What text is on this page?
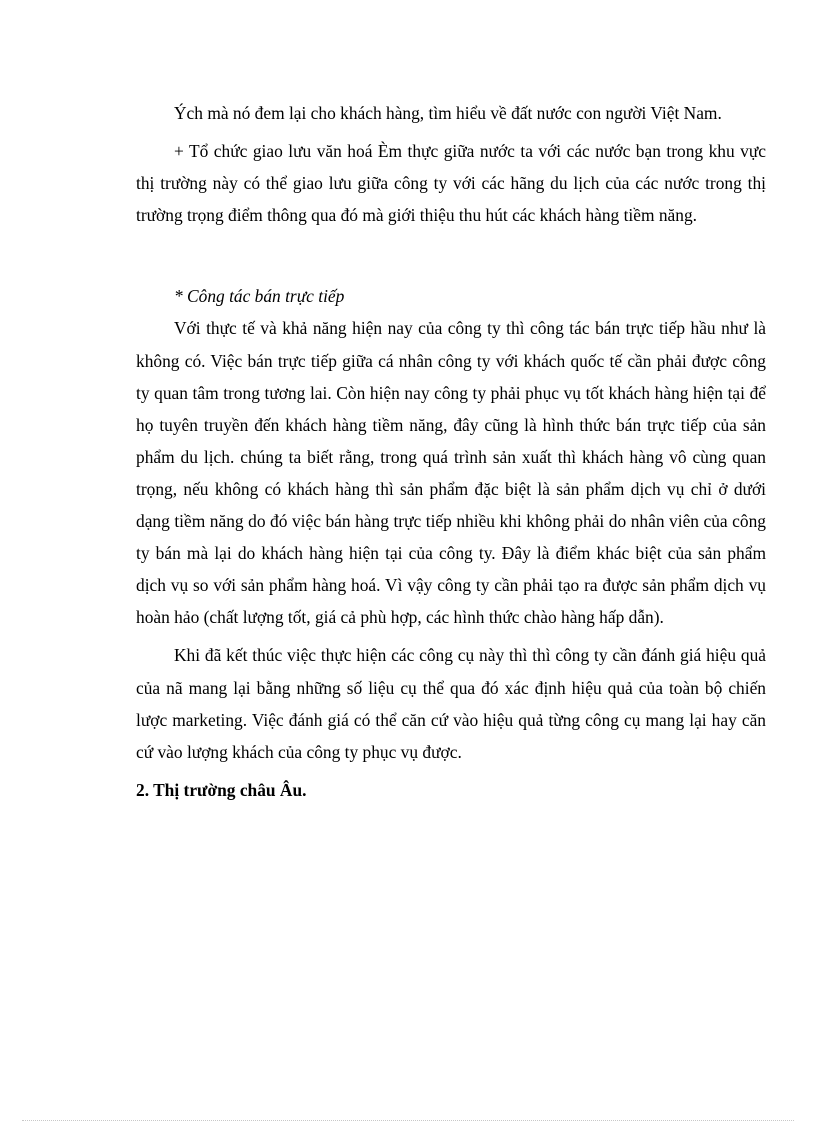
Ých mà nó đem lại cho khách hàng, tìm hiểu về đất nước con người Việt Nam.

+ Tổ chức giao lưu văn hoá Èm thực giữa nước ta với các nước bạn trong khu vực thị trường này có thể giao lưu giữa công ty với các hãng du lịch của các nước trong thị trường trọng điểm thông qua đó mà giới thiệu thu hút các khách hàng tiềm năng.

* Công tác bán trực tiếp

Với thực tế và khả năng hiện nay của công ty thì công tác bán trực tiếp hầu như là không có. Việc bán trực tiếp giữa cá nhân công ty với khách quốc tế cần phải được công ty quan tâm trong tương lai. Còn hiện nay công ty phải phục vụ tốt khách hàng hiện tại để họ tuyên truyền đến khách hàng tiềm năng, đây cũng là hình thức bán trực tiếp của sản phẩm du lịch. chúng ta biết rằng, trong quá trình sản xuất thì khách hàng vô cùng quan trọng, nếu không có khách hàng thì sản phẩm đặc biệt là sản phẩm dịch vụ chỉ ở dưới dạng tiềm năng do đó việc bán hàng trực tiếp nhiều khi không phải do nhân viên của công ty bán mà lại do khách hàng hiện tại của công ty. Đây là điểm khác biệt của sản phẩm dịch vụ so với sản phẩm hàng hoá. Vì vậy công ty cần phải tạo ra được sản phẩm dịch vụ hoàn hảo (chất lượng tốt, giá cả phù hợp, các hình thức chào hàng hấp dẫn).

Khi đã kết thúc việc thực hiện các công cụ này thì thì công ty cần đánh giá hiệu quả của nã mang lại bằng những số liệu cụ thể qua đó xác định hiệu quả của toàn bộ chiến lược marketing. Việc đánh giá có thể căn cứ vào hiệu quả từng công cụ mang lại hay căn cứ vào lượng khách của công ty phục vụ được.

2. Thị trường châu Âu.
